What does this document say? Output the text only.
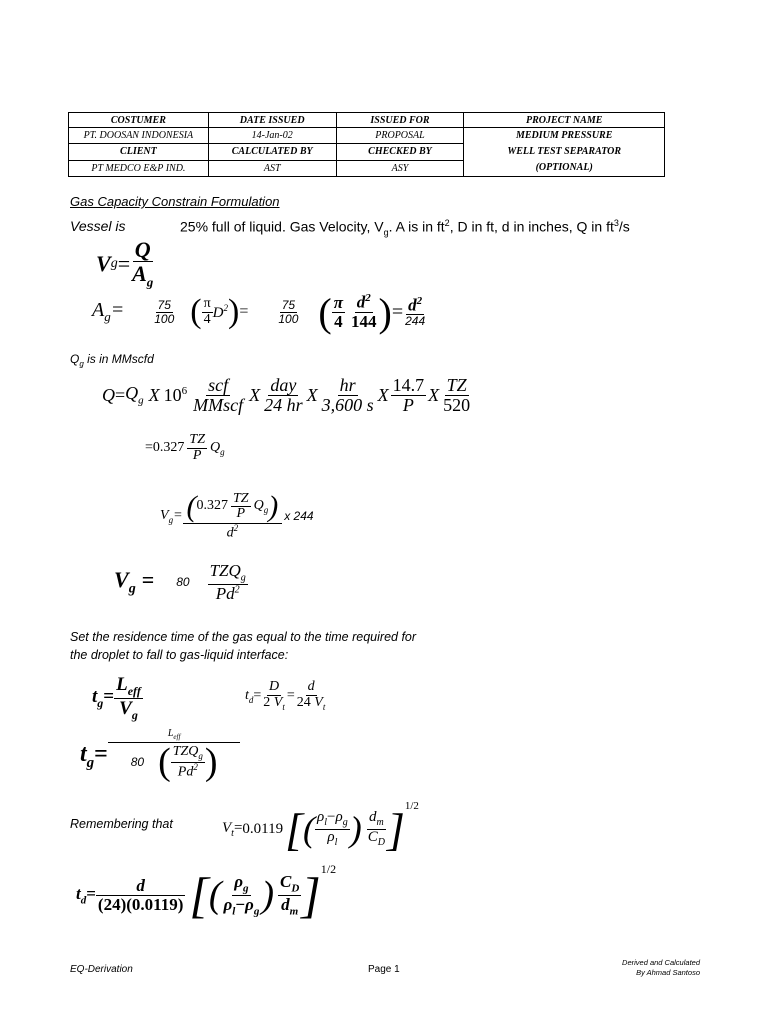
COSTUMER	DATE ISSUED	ISSUED FOR	PROJECT NAME
PT. DOOSAN INDONESIA	14-Jan-02	PROPOSAL	MEDIUM PRESSURE
WELL TEST SEPARATOR
(OPTIONAL)

CLIENT	CALCULATED BY	CHECKED BY	
PT MEDCO E&P IND.	AST	ASY	
Gas Capacity Constrain Formulation
Vessel is	25% full of liquid. Gas Velocity, $V_g$. A is in $ft^2$, D in ft, d in inches, Q in $ft^3/s$
V $g = \frac{Q}{A_g}$
$A_g= \frac{75}{100}$ ( $\frac{\pi}{4} D^2$ ) = $\frac{75}{100}$ ( $\frac{\pi}{4} \frac{d^2}{144}$ ) = $\frac{d^2}{244}$
$Q_g$ is in MMscfd
$Q = Q_g$ X $10^6 \frac{\text{scf}}{\text{MMscf}}$ X $\frac{\text{day}}{24 hr}$ X $\frac{hr}{3,600 s}$ X $\frac{14.7}{P}$ X $\frac{TZ}{520}$
= $0.327 \frac{TZ}{P} Q_g$
$V_g= \frac{( 0.327 \frac{TZ}{P} Q_g )}{d^2}$ x 244
$V_g = 80 \frac{TZQ_g}{Pd^2}$
Set the residence time of the gas equal to the time required for
the droplet to fall to gas-liquid interface:
$t_g= \frac{L_{eff}}{V_g}$	$t_d= \frac{D}{2 V_t} = \frac{d}{24 V_t}$
$t_g= \frac{L_{eff}}{80 ( \frac{TZQ_g}{Pd^2} )}$
Remembering that	$V_t= 0.0119$ [ ( $\frac{\rho_l-\rho_g}{\rho_l}$ ) $\frac{d_m}{C_D} ]^{1/2}$
$t_d= \frac{d}{(24)(0.0119)}$ [ ( $\frac{\rho_g}{\rho_l-\rho_g}$ ) $\frac{C_D}{d_m} ]^{1/2}$
EQ-Derivation	Page 1
Derived and Calculated
By Ahmad Santoso
